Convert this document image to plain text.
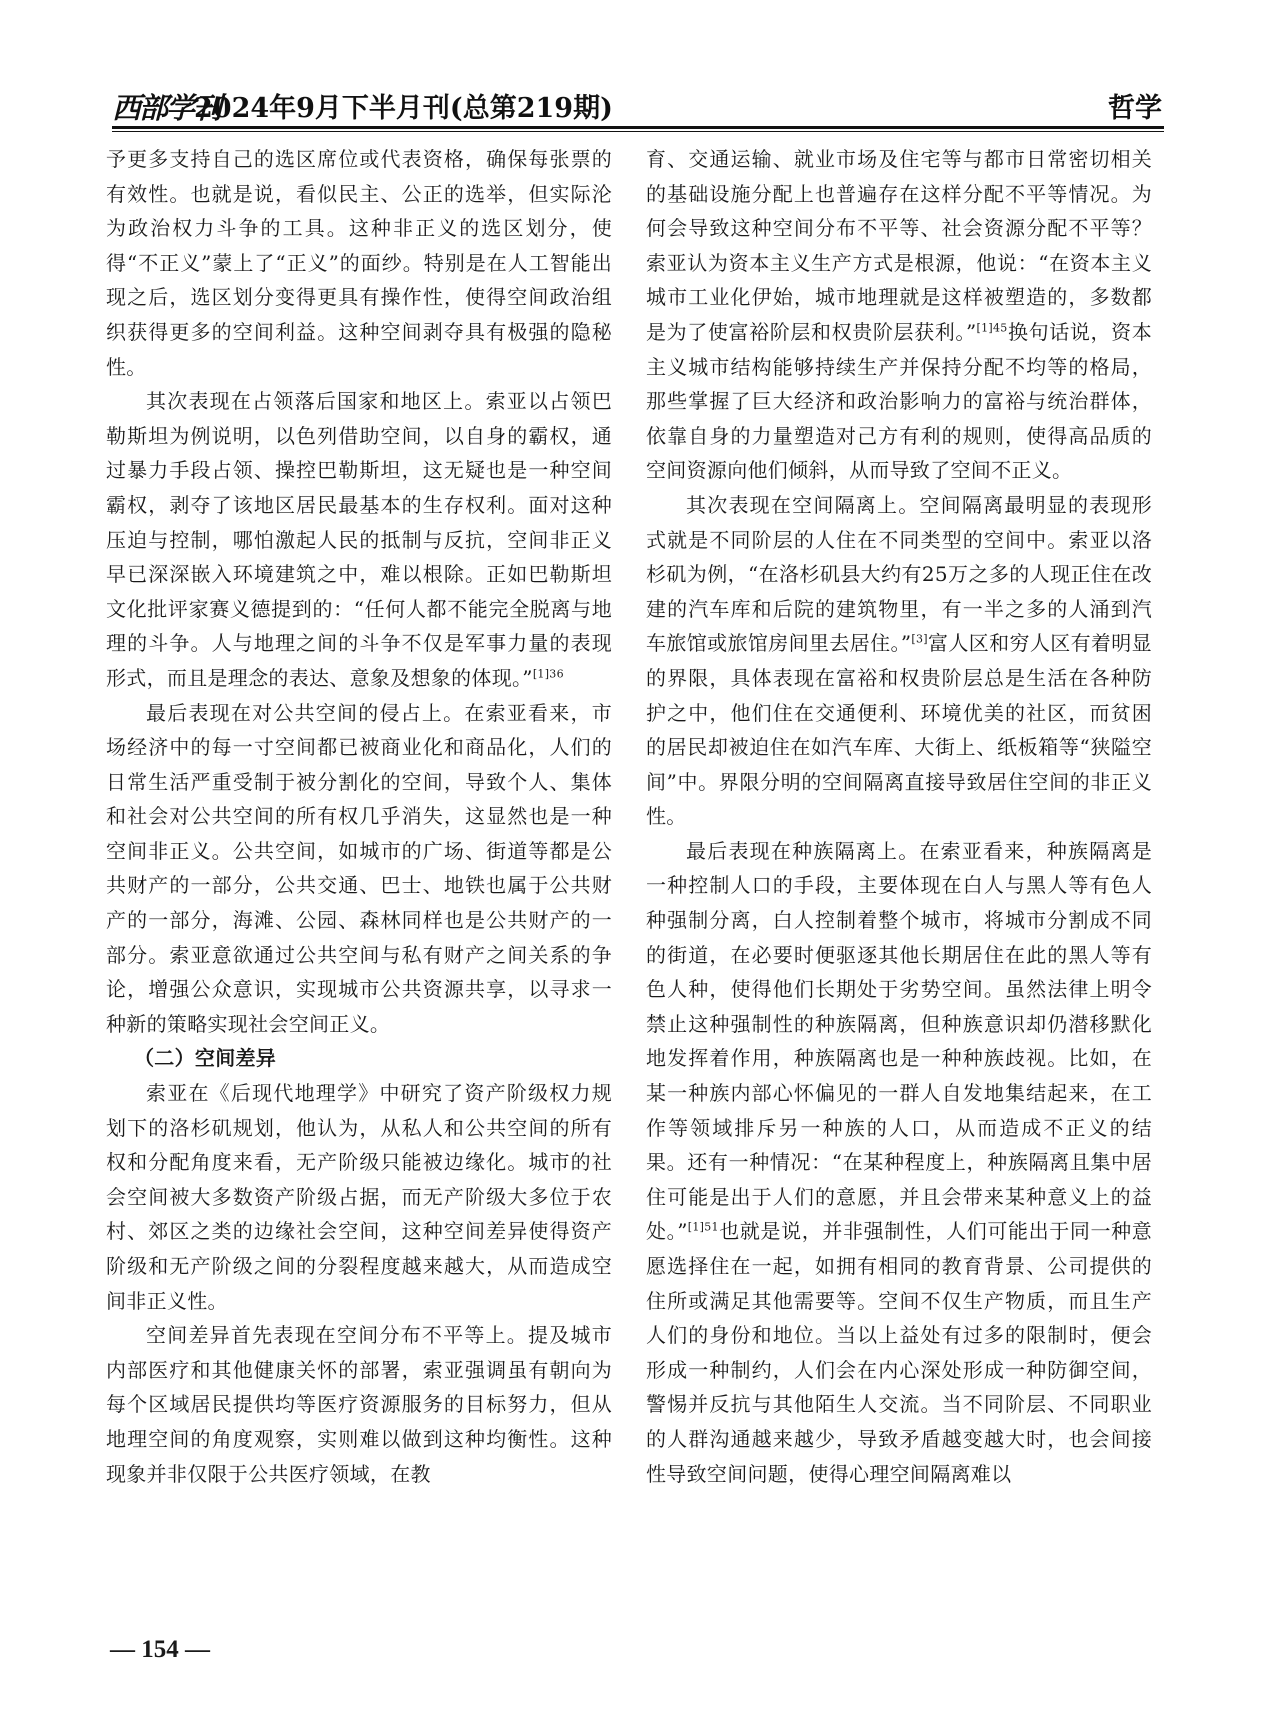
西部学刊
2024年9月下半月刊(总第219期)	哲学

予更多支持自己的选区席位或代表资格，确保每张票的有效性。也就是说，看似民主、公正的选举，但实际沦为政治权力斗争的工具。这种非正义的选区划分，使得“不正义”蒙上了“正义”的面纱。特别是在人工智能出现之后，选区划分变得更具有操作性，使得空间政治组织获得更多的空间利益。这种空间剥夺具有极强的隐秘性。

其次表现在占领落后国家和地区上。索亚以占领巴勒斯坦为例说明，以色列借助空间，以自身的霸权，通过暴力手段占领、操控巴勒斯坦，这无疑也是一种空间霸权，剥夺了该地区居民最基本的生存权利。面对这种压迫与控制，哪怕激起人民的抵制与反抗，空间非正义早已深深嵌入环境建筑之中，难以根除。正如巴勒斯坦文化批评家赛义德提到的：“任何人都不能完全脱离与地理的斗争。人与地理之间的斗争不仅是军事力量的表现形式，而且是理念的表达、意象及想象的体现。”$^{[1]36}$

最后表现在对公共空间的侵占上。在索亚看来，市场经济中的每一寸空间都已被商业化和商品化，人们的日常生活严重受制于被分割化的空间，导致个人、集体和社会对公共空间的所有权几乎消失，这显然也是一种空间非正义。公共空间，如城市的广场、街道等都是公共财产的一部分，公共交通、巴士、地铁也属于公共财产的一部分，海滩、公园、森林同样也是公共财产的一部分。索亚意欲通过公共空间与私有财产之间关系的争论，增强公众意识，实现城市公共资源共享，以寻求一种新的策略实现社会空间正义。

（二）空间差异

索亚在《后现代地理学》中研究了资产阶级权力规划下的洛杉矶规划，他认为，从私人和公共空间的所有权和分配角度来看，无产阶级只能被边缘化。城市的社会空间被大多数资产阶级占据，而无产阶级大多位于农村、郊区之类的边缘社会空间，这种空间差异使得资产阶级和无产阶级之间的分裂程度越来越大，从而造成空间非正义性。

空间差异首先表现在空间分布不平等上。提及城市内部医疗和其他健康关怀的部署，索亚强调虽有朝向为每个区域居民提供均等医疗资源服务的目标努力，但从地理空间的角度观察，实则难以做到这种均衡性。这种现象并非仅限于公共医疗领域，在教

育、交通运输、就业市场及住宅等与都市日常密切相关的基础设施分配上也普遍存在这样分配不平等情况。为何会导致这种空间分布不平等、社会资源分配不平等？索亚认为资本主义生产方式是根源，他说：“在资本主义城市工业化伊始，城市地理就是这样被塑造的，多数都是为了使富裕阶层和权贵阶层获利。”$^{[1]45}$换句话说，资本主义城市结构能够持续生产并保持分配不均等的格局，那些掌握了巨大经济和政治影响力的富裕与统治群体，依靠自身的力量塑造对己方有利的规则，使得高品质的空间资源向他们倾斜，从而导致了空间不正义。

其次表现在空间隔离上。空间隔离最明显的表现形式就是不同阶层的人住在不同类型的空间中。索亚以洛杉矶为例，“在洛杉矶县大约有25万之多的人现正住在改建的汽车库和后院的建筑物里，有一半之多的人涌到汽车旅馆或旅馆房间里去居住。”[3]富人区和穷人区有着明显的界限，具体表现在富裕和权贵阶层总是生活在各种防护之中，他们住在交通便利、环境优美的社区，而贫困的居民却被迫住在如汽车库、大街上、纸板箱等“狭隘空间”中。界限分明的空间隔离直接导致居住空间的非正义性。

最后表现在种族隔离上。在索亚看来，种族隔离是一种控制人口的手段，主要体现在白人与黑人等有色人种强制分离，白人控制着整个城市，将城市分割成不同的街道，在必要时便驱逐其他长期居住在此的黑人等有色人种，使得他们长期处于劣势空间。虽然法律上明令禁止这种强制性的种族隔离，但种族意识却仍潜移默化地发挥着作用，种族隔离也是一种种族歧视。比如，在某一种族内部心怀偏见的一群人自发地集结起来，在工作等领域排斥另一种族的人口，从而造成不正义的结果。还有一种情况：“在某种程度上，种族隔离且集中居住可能是出于人们的意愿，并且会带来某种意义上的益处。”$^{[1]51}$也就是说，并非强制性，人们可能出于同一种意愿选择住在一起，如拥有相同的教育背景、公司提供的住所或满足其他需要等。空间不仅生产物质，而且生产人们的身份和地位。当以上益处有过多的限制时，便会形成一种制约，人们会在内心深处形成一种防御空间，警惕并反抗与其他陌生人交流。当不同阶层、不同职业的人群沟通越来越少，导致矛盾越变越大时，也会间接性导致空间问题，使得心理空间隔离难以

— 154 —
